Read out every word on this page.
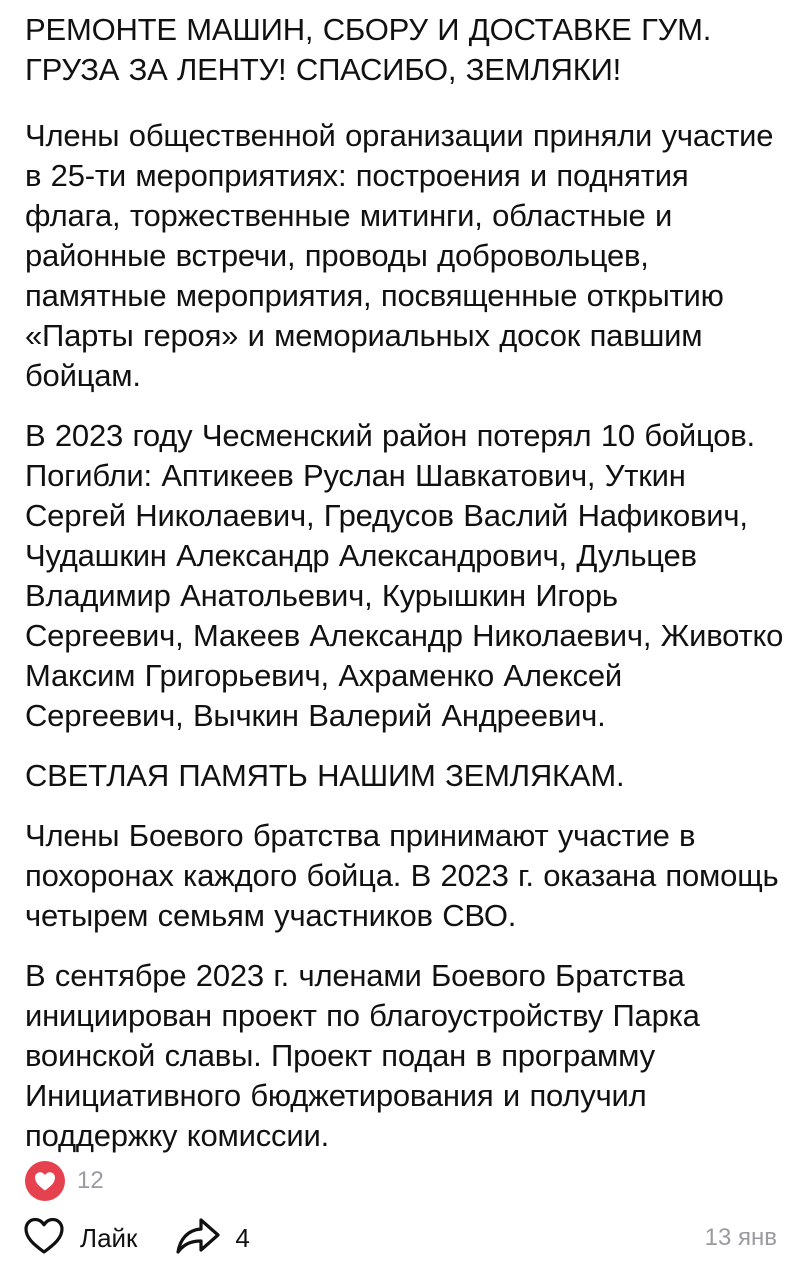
РЕМОНТЕ МАШИН, СБОРУ И ДОСТАВКЕ ГУМ. ГРУЗА ЗА ЛЕНТУ! СПАСИБО, ЗЕМЛЯКИ!

Члены общественной организации приняли участие в 25-ти мероприятиях: построения и поднятия флага, торжественные митинги, областные и районные встречи, проводы добровольцев, памятные мероприятия, посвященные открытию «Парты героя» и мемориальных досок павшим бойцам.

В 2023 году Чесменский район потерял 10 бойцов. Погибли: Аптикеев Руслан Шавкатович, Уткин Сергей Николаевич, Гредусов Васлий Нафикович, Чудашкин Александр Александрович, Дульцев Владимир Анатольевич, Курышкин Игорь Сергеевич, Макеев Александр Николаевич, Животко Максим Григорьевич, Ахраменко Алексей Сергеевич, Вычкин Валерий Андреевич.

СВЕТЛАЯ ПАМЯТЬ НАШИМ ЗЕМЛЯКАМ.

Члены Боевого братства принимают участие в похоронах каждого бойца. В 2023 г. оказана помощь четырем семьям участников СВО.

В сентябре 2023 г. членами Боевого Братства инициирован проект по благоустройству Парка воинской славы. Проект подан в программу Инициативного бюджетирования и получил поддержку комиссии.

12
Лайк	4	13 янв
